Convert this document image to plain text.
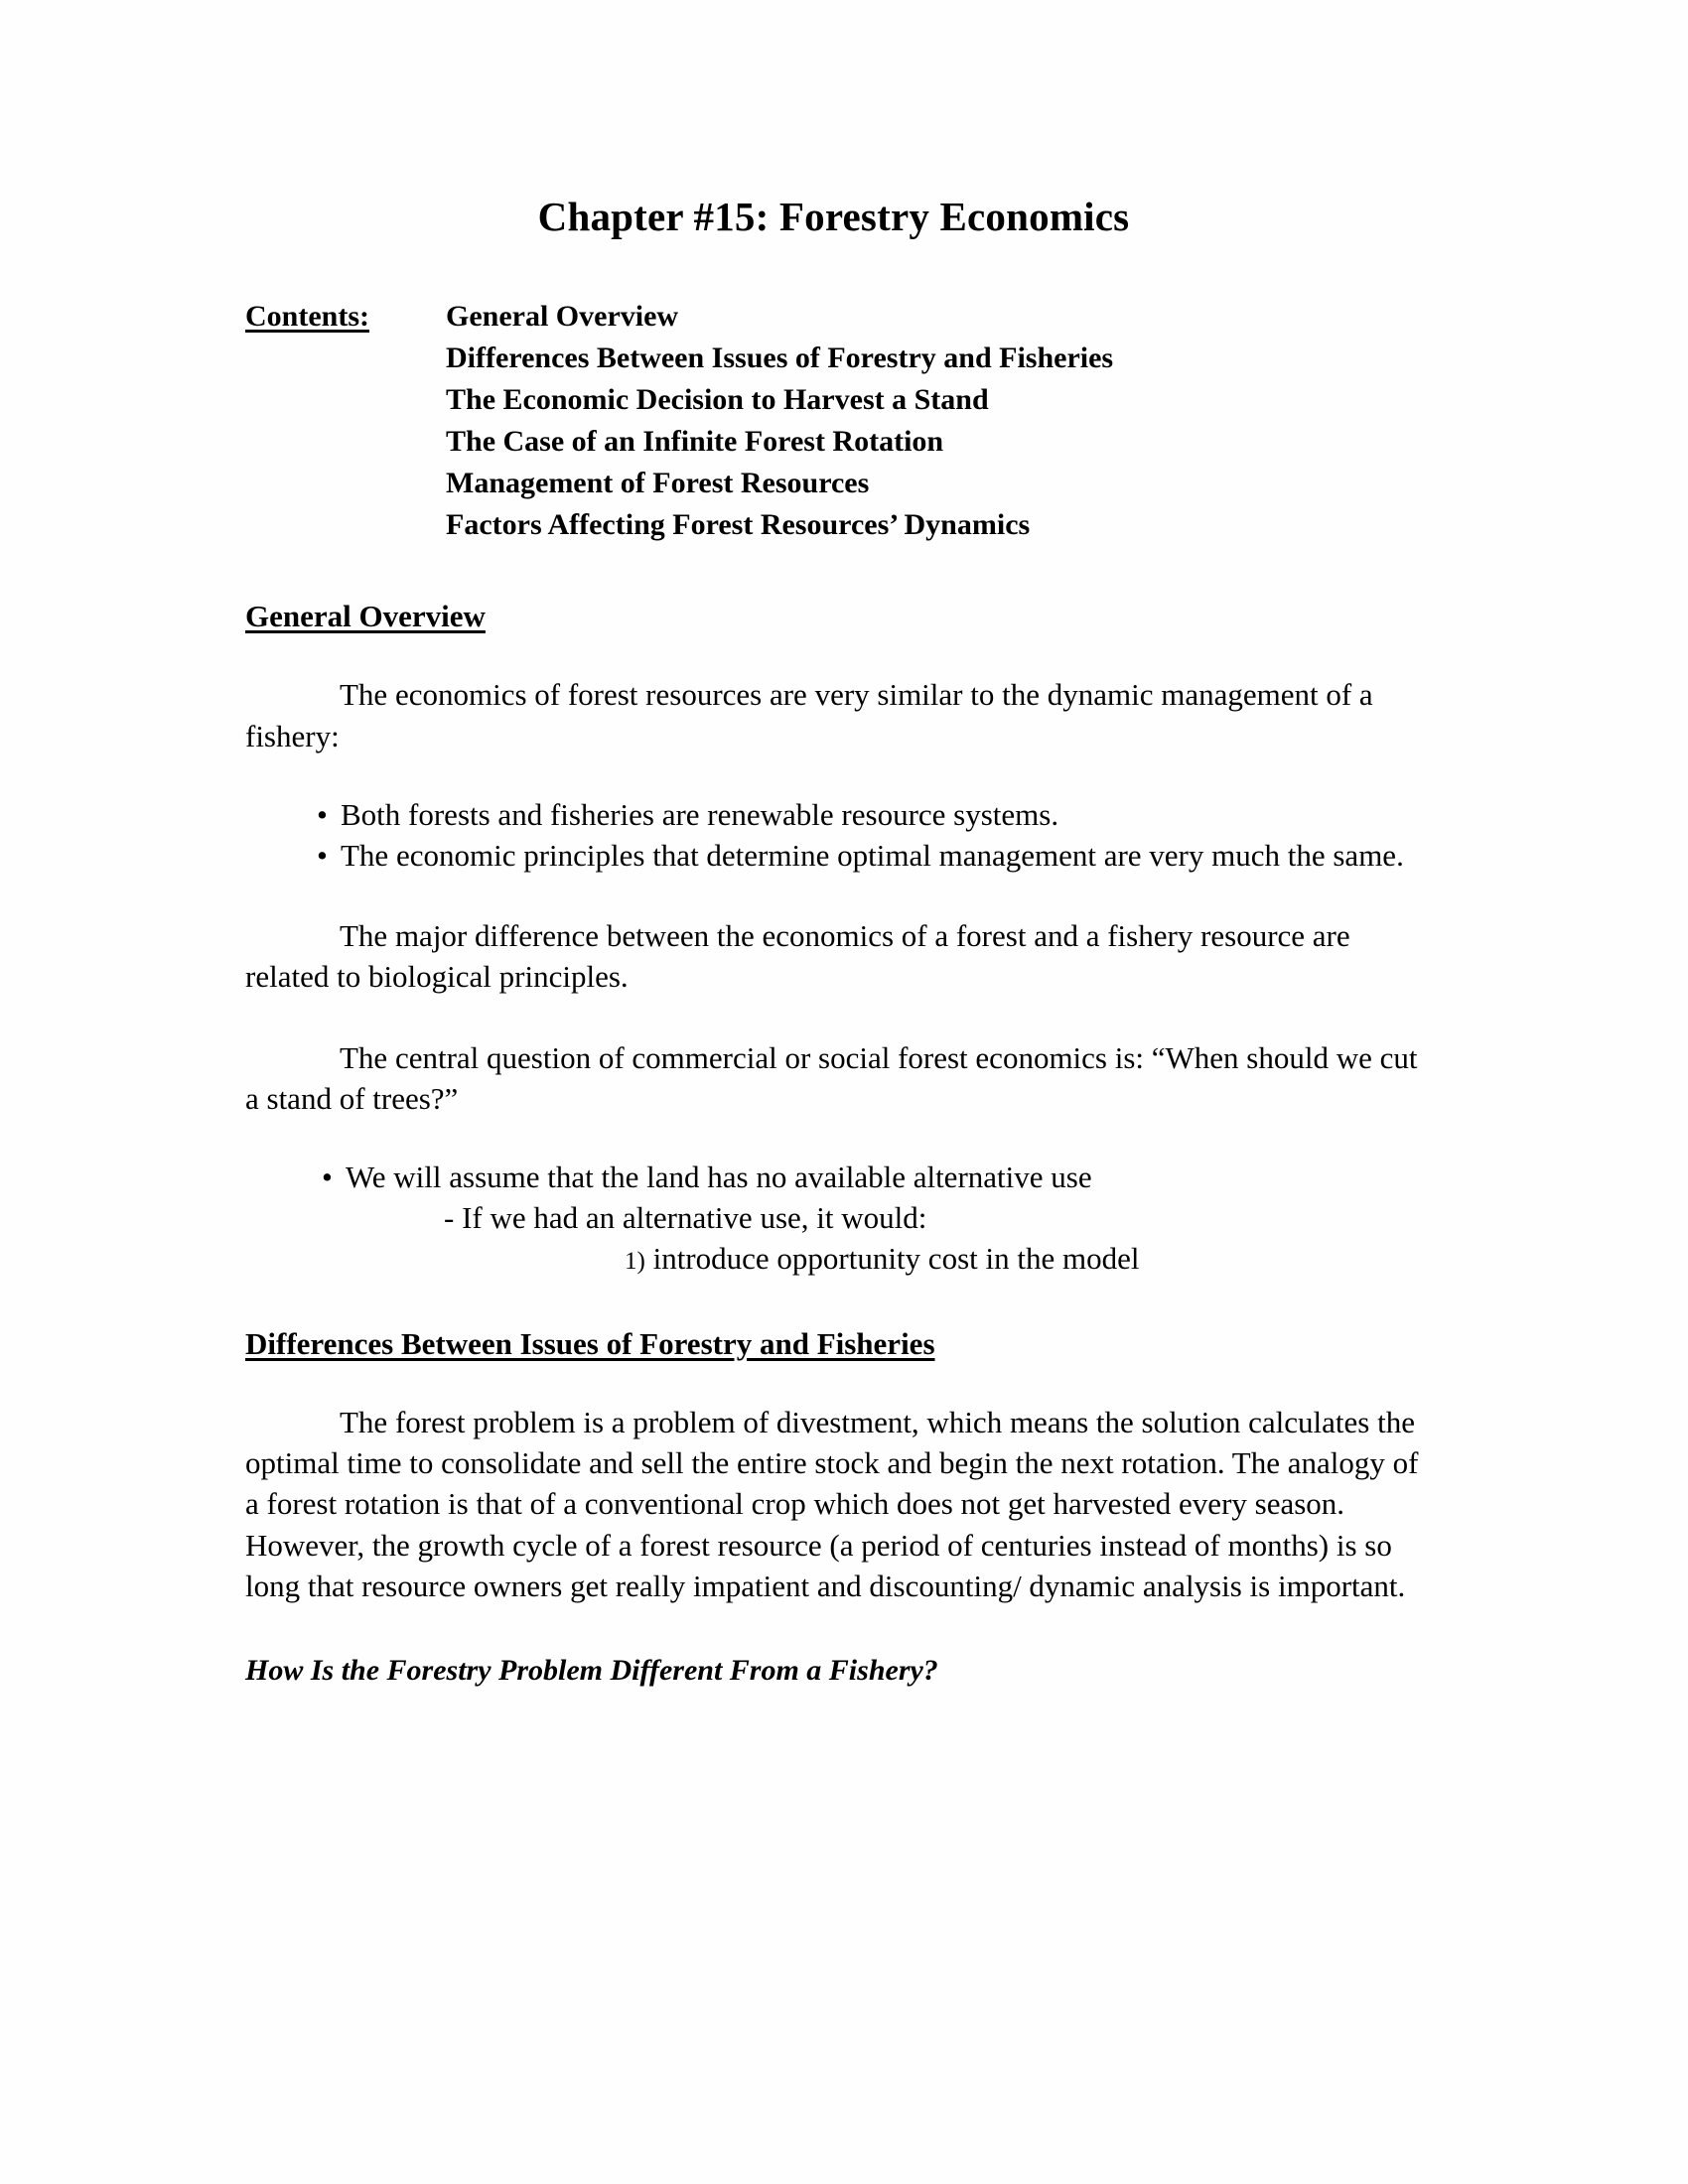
Chapter #15: Forestry Economics
Contents:	General Overview
Differences Between Issues of Forestry and Fisheries
The Economic Decision to Harvest a Stand
The Case of an Infinite Forest Rotation
Management of Forest Resources
Factors Affecting Forest Resources’ Dynamics
General Overview

The economics of forest resources are very similar to the dynamic management of a fishery:

• Both forests and fisheries are renewable resource systems.
• The economic principles that determine optimal management are very much the same.

The major difference between the economics of a forest and a fishery resource are related to biological principles.

The central question of commercial or social forest economics is: “When should we cut a stand of trees?”

• We will assume that the land has no available alternative use
- If we had an alternative use, it would:
1) introduce opportunity cost in the model
Differences Between Issues of Forestry and Fisheries

The forest problem is a problem of divestment, which means the solution calculates the optimal time to consolidate and sell the entire stock and begin the next rotation. The analogy of a forest rotation is that of a conventional crop which does not get harvested every season. However, the growth cycle of a forest resource (a period of centuries instead of months) is so long that resource owners get really impatient and discounting/ dynamic analysis is important.

How Is the Forestry Problem Different From a Fishery?
